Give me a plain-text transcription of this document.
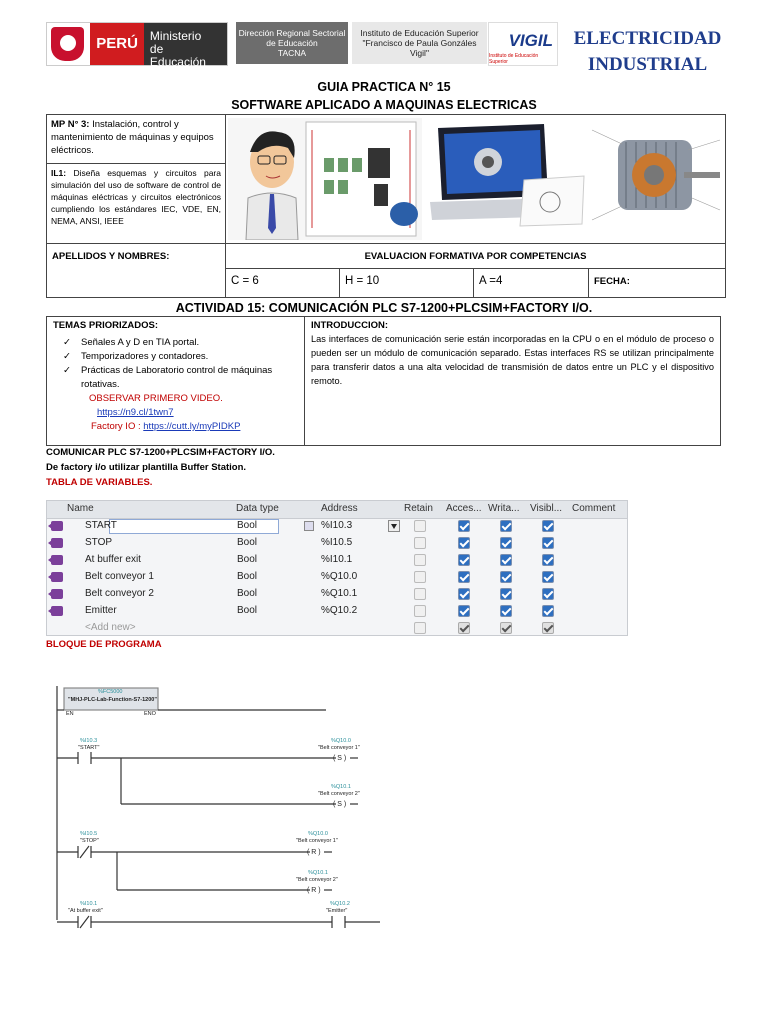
PERÚ	Ministerio
de Educación
Dirección Regional Sectorial
de Educación
TACNA
Instituto de Educación Superior
"Francisco de Paula Gonzáles Vigil"
VIGIL
Instituto de Educación Superior
ELECTRICIDAD
INDUSTRIAL
GUIA PRACTICA N° 15
SOFTWARE APLICADO A MAQUINAS ELECTRICAS
MP N° 3: Instalación, control y mantenimiento de máquinas y equipos eléctricos.
IL1: Diseña esquemas y circuitos para simulación del uso de software de control de máquinas eléctricas y circuitos electrónicos cumpliendo los estándares IEC, VDE, EN, NEMA, ANSI, IEEE
APELLIDOS Y NOMBRES:	EVALUACION FORMATIVA POR COMPETENCIAS
C = 6	H = 10	A =4	FECHA:
ACTIVIDAD 15: COMUNICACIÓN PLC S7-1200+PLCSIM+FACTORY I/O.
TEMAS PRIORIZADOS:
✓ Señales A y D en TIA portal.
✓ Temporizadores y contadores.
✓ Prácticas de Laboratorio control de máquinas rotativas.
OBSERVAR PRIMERO VIDEO.
https://n9.cl/1twn7
Factory IO : https://cutt.ly/myPIDKP
INTRODUCCION:
Las interfaces de comunicación serie están incorporadas en la CPU o en el módulo de proceso o pueden ser un módulo de comunicación separado. Estas interfaces RS se utilizan principalmente para transferir datos a una alta velocidad de transmisión de datos entre un PLC y el dispositivo remoto.
COMUNICAR PLC S7-1200+PLCSIM+FACTORY I/O.
De factory i/o utilizar plantilla Buffer Station.
TABLA DE VARIABLES.
Name	Data type	Address	Retain Acces... Writa... Visibl... Comment
START	Bool	%I10.3
STOP	Bool	%I10.5
At buffer exit	Bool	%I10.1
Belt conveyor 1	Bool	%Q10.0
Belt conveyor 2	Bool	%Q10.1
Emitter	Bool	%Q10.2
<Add new>
BLOQUE DE PROGRAMA
%FC5000
"MHJ-PLC-Lab-Function-S7-1200"
EN	ENO
%I10.3
"START"
%Q10.0
"Belt conveyor 1"
( S )
%Q10.1
"Belt conveyor 2"
( S )
%I10.5
"STOP"
%Q10.0
"Belt conveyor 1"
( R )
%Q10.1
"Belt conveyor 2"
( R )
%I10.1
"At buffer exit"
%Q10.2
"Emitter"
